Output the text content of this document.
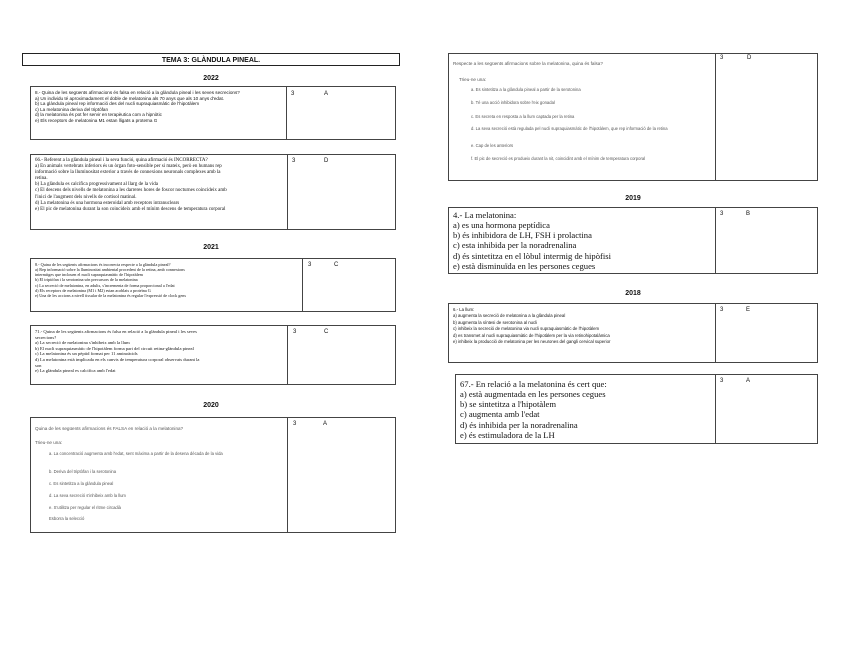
TEMA 3: GLÀNDULA PINEAL.
2022
8.- Quina de les següents afirmacions és falsa en relació a la glàndula pineal i les seves secrecions?
a) Un individu té aproximadament el doble de melatonina als 70 anys que als 10 anys d'edat.
b) La glàndula pineal rep informació des del nucli supraquiasmàtic de l'hipotàlem
c) La melatonina deriva del triptòfan
d) la melatonina és pot fer servir en terapèutica com a hipnòtic
e) Els receptors de melatonina M1 estan lligats a proteïna G
3	A
66.- Referent a la glàndula pineal i la seva funció, quina afirmació és INCORRECTA?
a) En animals vertebrats inferiors és un òrgan foto-sensible per si mateix, però en humans rep
informació sobre la lluminositat exterior a través de connexions neuronals complexes amb la
retina.
b) La glàndula es calcifica progressivament al llarg de la vida
c) El descens dels nivells de melatonina a les darreres hores de foscor nocturnes coincideix amb
l'inici de l'augment dels nivells de cortisol matinal.
d) La melatonina és una hormona esteroidal amb receptors intranuclears
e) El pic de melatonina durant la son coincideix amb el mínim descens de temperatura corporal
3	D
2021
8.- Quina de les següents afirmacions és incorrecta respecte a la glàndula pineal?
a) Rep informació sobre la lluminositat ambiental procedent de la retina, amb connexions
intermitges que inclouen el nucli supraquiasmàtic de l'hipotàlem
b) El triptòfan i la serotonina són precursors de la melatonina
c) La secreció de melatonina, en adults, s'incrementa de forma proporcional a l'edat
d) Els receptors de melatonina (M1 i M2) estan acoblats a proteïna G
e) Una de les accions a nivell tissular de la melatonina és regular l'expressió de clock gens
3	C
71.- Quina de les següents afirmacions és falsa en relació a la glàndula pineal i les seves
secrecions?
a) La secreció de melatonina s'inhibeix amb la llum
b) El nucli supraquiasmàtic de l'hipotàlem forma part del circuit retina-glàndula pineal
c) La melatonina és un pèptid format per 11 aminoàcids
d) La melatonina està implicada en els canvis de temperatura corporal observats durant la
son
e) La glàndula pineal es calcifica amb l'edat
3	C
2020
Quina de les següents afirmacions és FALSA en relació a la melatonina?
Trieu-ne una:
a. La concentració augmenta amb l'edat, sent màxima a partir de la desena dècada de la vida
b. Deriva del triptòfan i la serotonina
c. Es sintetitza a la glàndula pineal
d. La seva secreció s'inhibeix amb la llum
e. S'utilitza per regular el ritme circadià
Esborra la selecció
3	A
Respecte a les següents afirmacions sobre la melatonina, quina és falsa?
Trieu-ne una:
a. Es sintetitza a la glàndula pineal a partir de la serotonina
b. Té una acció inhibidora sobre l'eix gonadal
c. Es secreta en resposta a la llum captada per la retina
d. La seva secreció està regulada pel nucli supraquiasmàtic de l'hipotàlem, que rep informació de la retina
e. Cap de les anteriors
f. El pic de secreció es produeix durant la nit, coincidint amb el mínim de temperatura corporal
3	D
2019
4.- La melatonina:
a) es una hormona peptídica
b) és inhibidora de LH, FSH i prolactina
c) esta inhibida per la noradrenalina
d) és sintetitza en el lòbul intermig de hipòfisi
e) està disminuïda en les persones cegues
3	B
2018
6.- La llum:
a) augmenta la secreció de melatonina a la glàndula pineal
b) augmenta la síntesi de serotonina al nucli
c) inhibeix la secreció de melatonina via nucli supraquiasmàtic de l'hipotàlem
d) es transmet al nucli supraquiasmàtic de l'hipotàlem per la via retinohipotalàmica
e) inhibeix la producció de melatonina per les neurones del gangli cervical superior
3	E
67.- En relació a la melatonina és cert que:
a) està augmentada en les persones cegues
b) se sintetitza a l'hipotàlem
c) augmenta amb l'edat
d) és inhibida per la noradrenalina
e) és estimuladora de la LH
3	A
